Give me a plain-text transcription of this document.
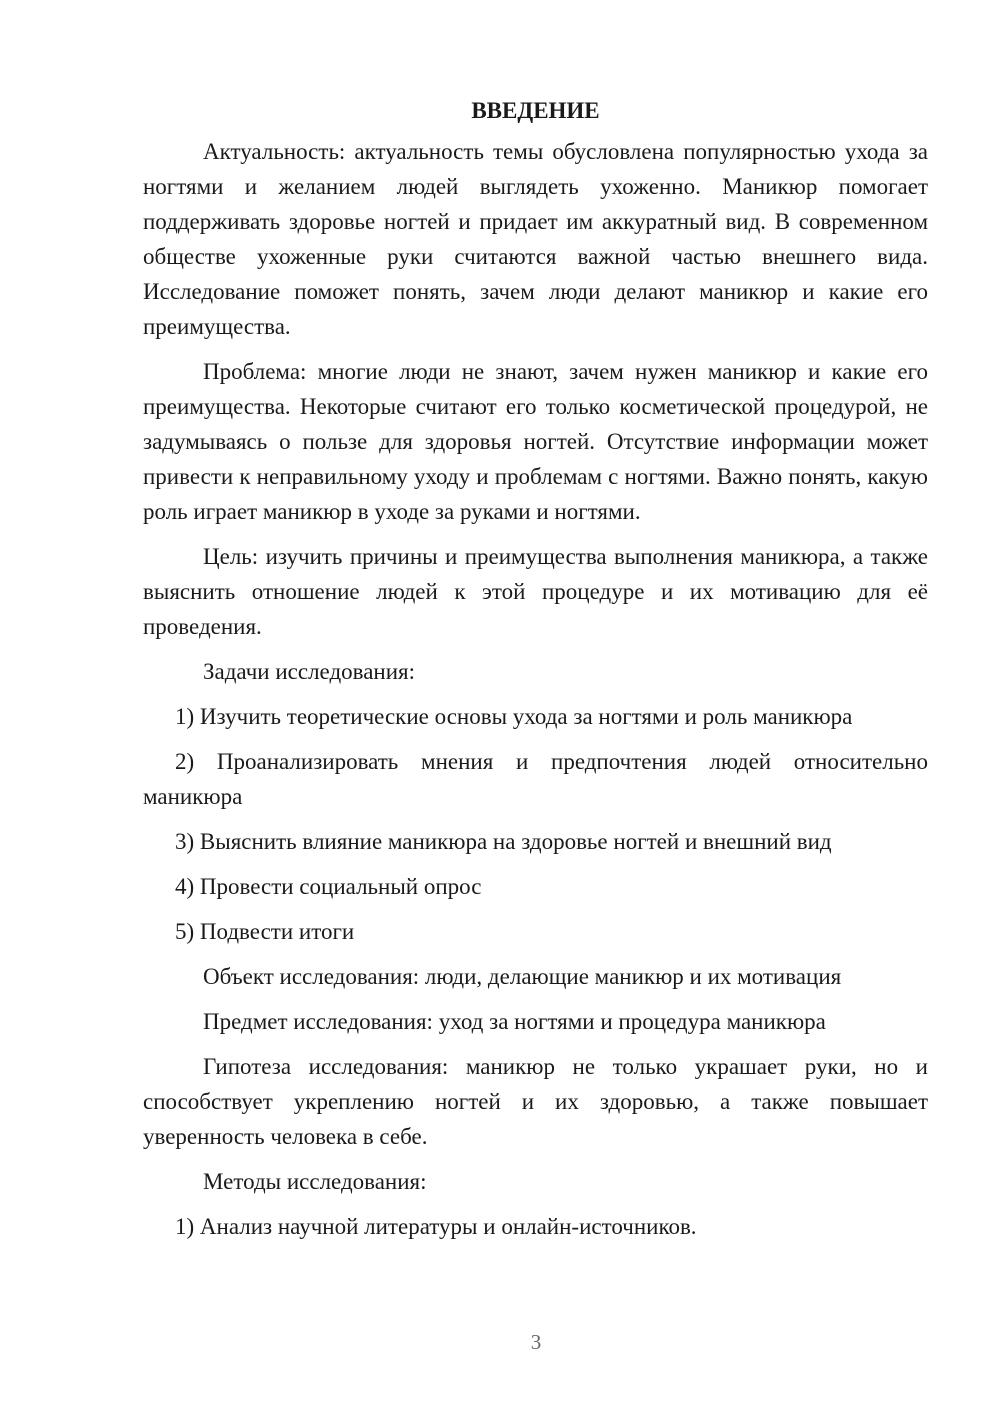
ВВЕДЕНИЕ

Актуальность: актуальность темы обусловлена популярностью ухода за ногтями и желанием людей выглядеть ухоженно. Маникюр помогает поддерживать здоровье ногтей и придает им аккуратный вид. В современном обществе ухоженные руки считаются важной частью внешнего вида. Исследование поможет понять, зачем люди делают маникюр и какие его преимущества.

Проблема: многие люди не знают, зачем нужен маникюр и какие его преимущества. Некоторые считают его только косметической процедурой, не задумываясь о пользе для здоровья ногтей. Отсутствие информации может привести к неправильному уходу и проблемам с ногтями. Важно понять, какую роль играет маникюр в уходе за руками и ногтями.

Цель: изучить причины и преимущества выполнения маникюра, а также выяснить отношение людей к этой процедуре и их мотивацию для её проведения.

Задачи исследования:

1) Изучить теоретические основы ухода за ногтями и роль маникюра

2) Проанализировать мнения и предпочтения людей относительно маникюра

3) Выяснить влияние маникюра на здоровье ногтей и внешний вид

4) Провести социальный опрос

5) Подвести итоги

Объект исследования: люди, делающие маникюр и их мотивация

Предмет исследования: уход за ногтями и процедура маникюра

Гипотеза исследования: маникюр не только украшает руки, но и способствует укреплению ногтей и их здоровью, а также повышает уверенность человека в себе.

Методы исследования:

1) Анализ научной литературы и онлайн-источников.

3
